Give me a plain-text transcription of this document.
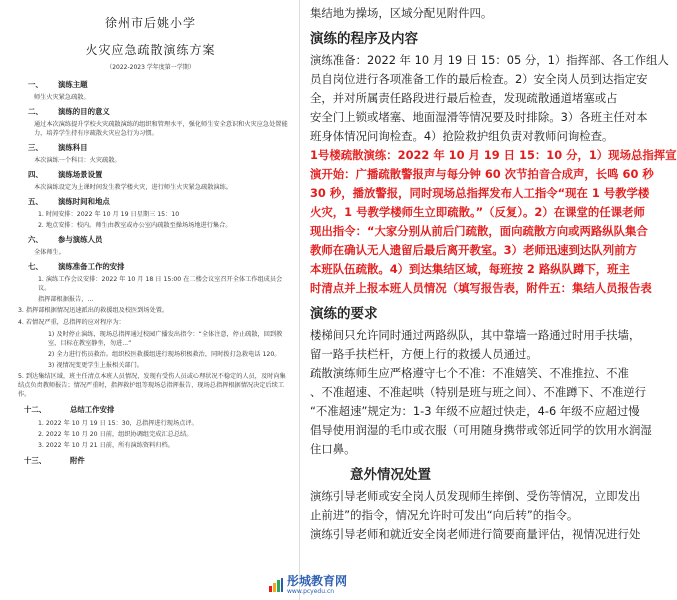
徐州市后姚小学
火灾应急疏散演练方案
（2022-2023 学年度第一学期）
一、 演练主题
师生火灾紧急疏散。
二、 演练的目的意义
通过本次演练提升学校火灾疏散演练的组织和管理水平，强化师生安全意识和火灾应急处置能力，培养学生持有序疏散火灾应急行为习惯。
三、 演练科目
本次演练一个科目：火灾疏散。
四、 演练场景设置
本次演练设定为上课时间发生教学楼火灾，进行师生火灾紧急疏散演练。
五、 演练时间和地点
1. 时间安排：2022 年 10 月 19 日星期三 15：10
2. 地点安排：校内。师生由教室或办公室内疏散至操场场地进行集合。
六、 参与演练人员
全体师生。
七、 演练准备工作的安排
1. 演练工作会议安排：2022 年 10 月 18 日 15:00 在二楼会议室召开全体工作组成员会议。
指挥部根据报告，...
3. 指挥部根据情况迅速派出的救援组及校医到场处置。
4. 若情况严重，总指挥的应对程序为：
1) 及时停止演练，现场总指挥通过校园广播发出指令：“全体注意，停止疏散，回到教室，目标在教室静坐，勿进...”
2) 全力进行伤员救治。组织校医救援组进行现场积极救治，同时拨打急救电话 120。
3) 视情况变更学生上报相关部门。
5. 到达集结区域，班主任清点本班人员情况，发现有受伤人员或心理状况不稳定的人员，及时向集结点负责教师报告；情况严重时，指挥救护组等现场总指挥报告，现场总指挥根据情况决定后续工作。
十二、	总结工作安排
1. 2022 年 10 月 19 日 15：30，总指挥进行现场点评。
2. 2022 年 10 月 20 日前，组织协调组完成汇总总结。
3. 2022 年 10 月 21 日前，所有演练资料归档。
十三、	附件
集结地为操场，区域分配见附件四。
演练的程序及内容
演练准备：2022 年 10 月 19 日 15：05 分，1）指挥部、各工作组人
员自岗位进行各项准备工作的最后检查。2）安全岗人员到达指定安
全，并对所属责任路段进行最后检查，发现疏散通道堵塞或占
安全门上锁或堵塞、地面湿滑等情况要及时排除。3）各班主任对本
班身体情况问询检查。4）抢险救护组负责对教师问询检查。
1号楼疏散演练：2022 年 10 月 19 日 15：10 分，1）现场总指挥宣
演开始：广播疏散警报声与每分钟 60 次节拍音合成声，长鸣 60 秒
30 秒，播放警报，同时现场总指挥发布人工指令“现在 1 号教学楼
火灾，1 号教学楼师生立即疏散。”（反复）。2）在课堂的任课老师
现出指令：“大家分别从前后门疏散，面向疏散方向或两路纵队集合
教师在确认无人遗留后最后离开教室。3）老师迅速到达队列前方
本班队伍疏散。4）到达集结区域，每班按 2 路纵队蹲下，班主
时清点并上报本班人员情况（填写报告表，附件五：集结人员报告表
演练的要求
楼梯间只允许同时通过两路纵队，其中靠墙一路通过时用手扶墙，
留一路手扶栏杆，方便上行的救援人员通过。
疏散演练师生应严格遵守七个不准：不准嬉笑、不准推拉、不准
、不准超速、不准起哄（特别是班与班之间）、不准蹲下、不准逆行
“不准超速”规定为：1-3 年级不应超过快走，4-6 年级不应超过慢
倡导使用润湿的毛巾或衣服（可用随身携带或邻近同学的饮用水润湿
住口鼻。
意外情况处置
演练引导老师或安全岗人员发现师生摔倒、受伤等情况，立即发出
止前进”的指令，情况允许时可发出“向后转”的指令。
演练引导老师和就近安全岗老师进行简要商量评估，视情况进行处
彤城教育网
www.pcyedu.cn
